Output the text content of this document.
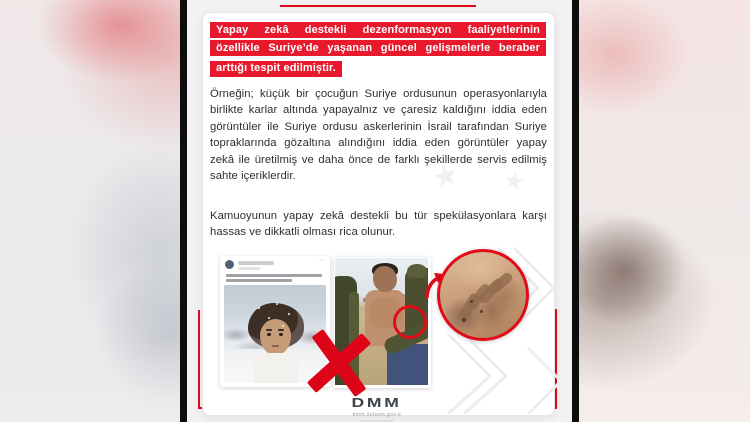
★ ★
Yapay zekâ destekli dezenformasyon faaliyetlerinin
özellikle Suriye’de yaşanan güncel gelişmelerle beraber
arttığı tespit edilmiştir.
Örneğin; küçük bir çocuğun Suriye ordusunun operasyonlarıyla birlikte karlar altında yapayalnız ve çaresiz kaldığını iddia eden görüntüler ile Suriye ordusu askerlerinin İsrail tarafından Suriye topraklarında gözaltına alındığını iddia eden görüntüler yapay zekâ ile üretilmiş ve daha önce de farklı şekillerde servis edilmiş sahte içeriklerdir.
Kamuoyunun yapay zekâ destekli bu tür spekülasyonlara karşı hassas ve dikkatli olması rica olunur.
···
DMM
dmm.iletisim.gov.tr
